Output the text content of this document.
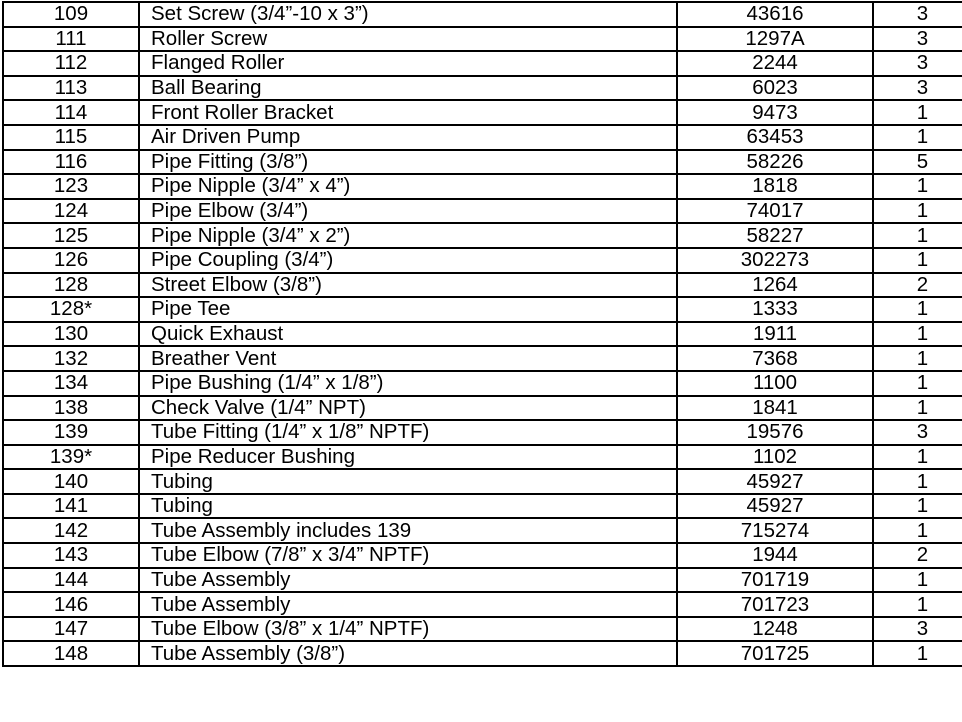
109	Set Screw (3/4”-10 x 3”)	43616	3
111	Roller Screw	1297A	3
112	Flanged Roller	2244	3
113	Ball Bearing	6023	3
114	Front Roller Bracket	9473	1
115	Air Driven Pump	63453	1
116	Pipe Fitting (3/8”)	58226	5
123	Pipe Nipple (3/4” x 4”)	1818	1
124	Pipe Elbow (3/4”)	74017	1
125	Pipe Nipple (3/4” x 2”)	58227	1
126	Pipe Coupling (3/4”)	302273	1
128	Street Elbow (3/8”)	1264	2
128*	Pipe Tee	1333	1
130	Quick Exhaust	1911	1
132	Breather Vent	7368	1
134	Pipe Bushing (1/4” x 1/8”)	1100	1
138	Check Valve (1/4” NPT)	1841	1
139	Tube Fitting (1/4” x 1/8” NPTF)	19576	3
139*	Pipe Reducer Bushing	1102	1
140	Tubing	45927	1
141	Tubing	45927	1
142	Tube Assembly includes 139	715274	1
143	Tube Elbow (7/8” x 3/4” NPTF)	1944	2
144	Tube Assembly	701719	1
146	Tube Assembly	701723	1
147	Tube Elbow (3/8” x 1/4” NPTF)	1248	3
148	Tube Assembly (3/8”)	701725	1
